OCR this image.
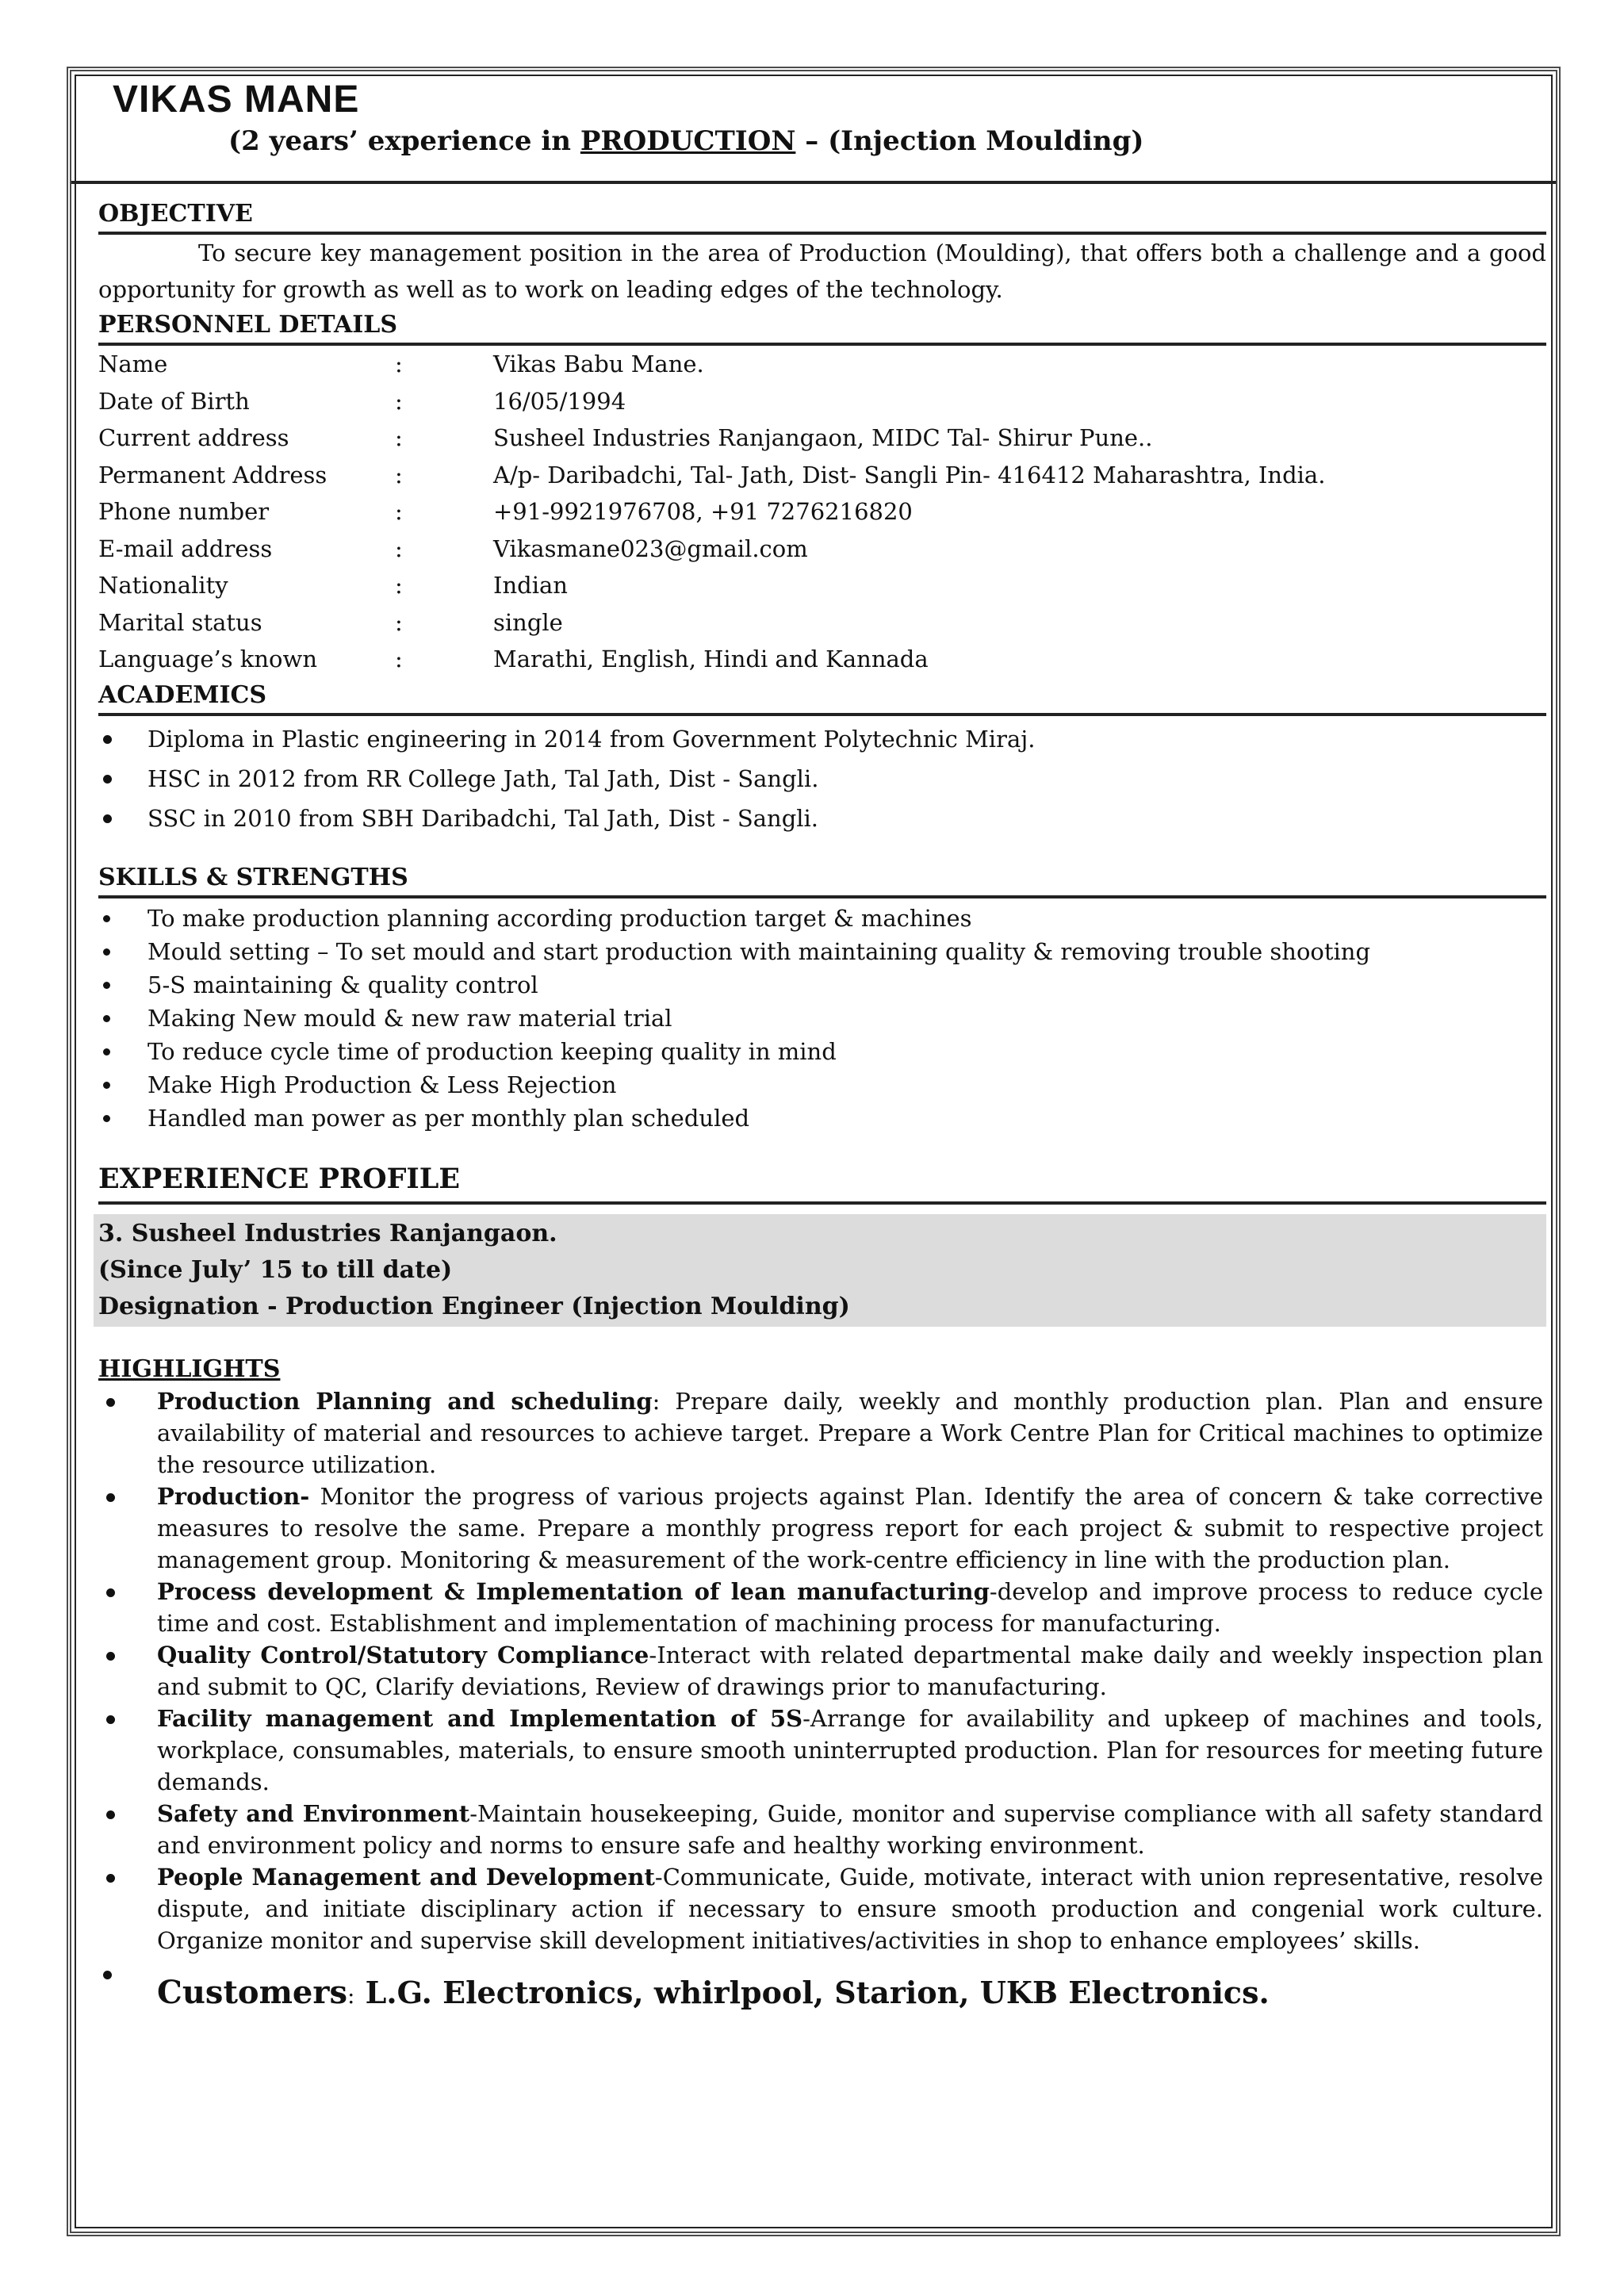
VIKAS MANE
(2 years’ experience in PRODUCTION – (Injection Moulding)
OBJECTIVE

To secure key management position in the area of Production (Moulding), that offers both a challenge and a good opportunity for growth as well as to work on leading edges of the technology.

PERSONNEL DETAILS
Name	:	Vikas Babu Mane.
Date of Birth	:	16/05/1994
Current address	:	Susheel Industries Ranjangaon, MIDC Tal- Shirur Pune..
Permanent Address	:	A/p- Daribadchi, Tal- Jath, Dist- Sangli Pin- 416412 Maharashtra, India.
Phone number	:	+91-9921976708, +91 7276216820
E-mail address	:	Vikasmane023@gmail.com
Nationality	:	Indian
Marital status	:	single
Language’s known	:	Marathi, English, Hindi and Kannada
ACADEMICS
Diploma in Plastic engineering in 2014 from Government Polytechnic Miraj.
HSC in 2012 from RR College Jath, Tal Jath, Dist - Sangli.
SSC in 2010 from SBH Daribadchi, Tal Jath, Dist - Sangli.
SKILLS & STRENGTHS
To make production planning according production target & machines
Mould setting – To set mould and start production with maintaining quality & removing trouble shooting
5-S maintaining & quality control
Making New mould & new raw material trial
To reduce cycle time of production keeping quality in mind
Make High Production & Less Rejection
Handled man power as per monthly plan scheduled
EXPERIENCE PROFILE
3. Susheel Industries Ranjangaon.
(Since July’ 15 to till date)
Designation - Production Engineer (Injection Moulding)
HIGHLIGHTS
Production Planning and scheduling: Prepare daily, weekly and monthly production plan. Plan and ensure availability of material and resources to achieve target. Prepare a Work Centre Plan for Critical machines to optimize the resource utilization.
Production- Monitor the progress of various projects against Plan. Identify the area of concern & take corrective measures to resolve the same. Prepare a monthly progress report for each project & submit to respective project management group. Monitoring & measurement of the work-centre efficiency in line with the production plan.
Process development & Implementation of lean manufacturing-develop and improve process to reduce cycle time and cost. Establishment and implementation of machining process for manufacturing.
Quality Control/Statutory Compliance-Interact with related departmental make daily and weekly inspection plan and submit to QC, Clarify deviations, Review of drawings prior to manufacturing.
Facility management and Implementation of 5S-Arrange for availability and upkeep of machines and tools, workplace, consumables, materials, to ensure smooth uninterrupted production. Plan for resources for meeting future demands.
Safety and Environment-Maintain housekeeping, Guide, monitor and supervise compliance with all safety standard and environment policy and norms to ensure safe and healthy working environment.
People Management and Development-Communicate, Guide, motivate, interact with union representative, resolve dispute, and initiate disciplinary action if necessary to ensure smooth production and congenial work culture. Organize monitor and supervise skill development initiatives/activities in shop to enhance employees’ skills.
Customers: L.G. Electronics, whirlpool, Starion, UKB Electronics.
